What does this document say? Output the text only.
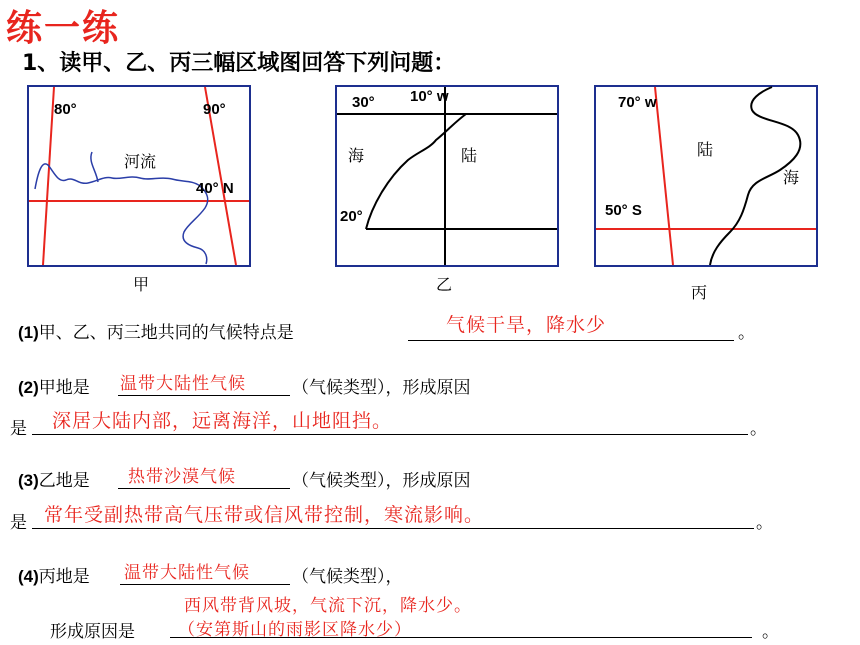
练一练
1、读甲、乙、丙三幅区域图回答下列问题：
80°	90°
河流
40° N
甲
30° 10° w
海	陆
20°
乙
70° w
陆
海
50° S
丙
(1)甲、乙、丙三地共同的气候特点是	气候干旱，降水少	。
(2)甲地是 温带大陆性气候	（气候类型），形成原因
是 深居大陆内部，远离海洋，山地阻挡。	。
(3)乙地是 热带沙漠气候	（气候类型），形成原因
是 常年受副热带高气压带或信风带控制，寒流影响。	。
(4)丙地是 温带大陆性气候 （气候类型），
西风带背风坡，气流下沉，降水少。
形成原因是	（安第斯山的雨影区降水少）	。
